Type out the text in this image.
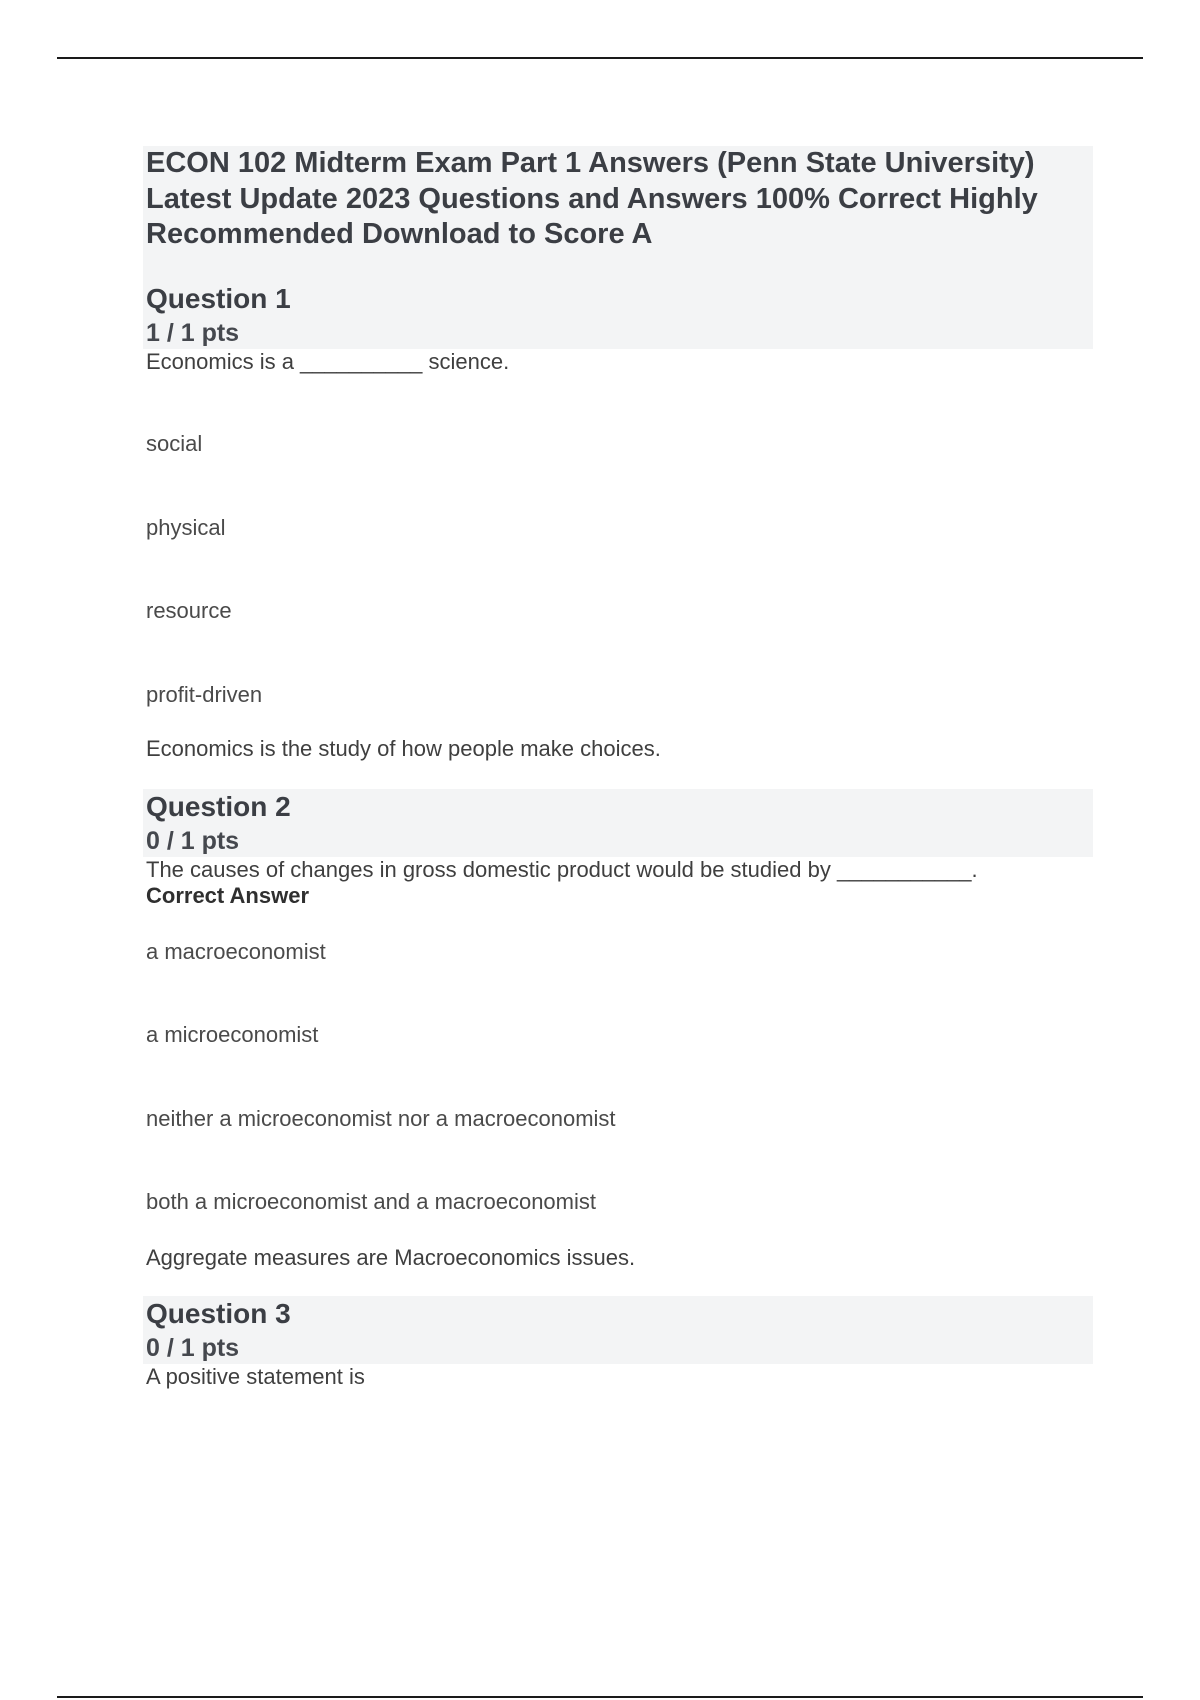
ECON 102 Midterm Exam Part 1 Answers (Penn State University) Latest Update 2023 Questions and Answers 100% Correct Highly Recommended Download to Score A
Question 1
1 / 1 pts
Economics is a __________ science.
social
physical
resource
profit-driven
Economics is the study of how people make choices.
Question 2
0 / 1 pts
The causes of changes in gross domestic product would be studied by ___________.
Correct Answer
a macroeconomist
a microeconomist
neither a microeconomist nor a macroeconomist
both a microeconomist and a macroeconomist
Aggregate measures are Macroeconomics issues.
Question 3
0 / 1 pts
A positive statement is
